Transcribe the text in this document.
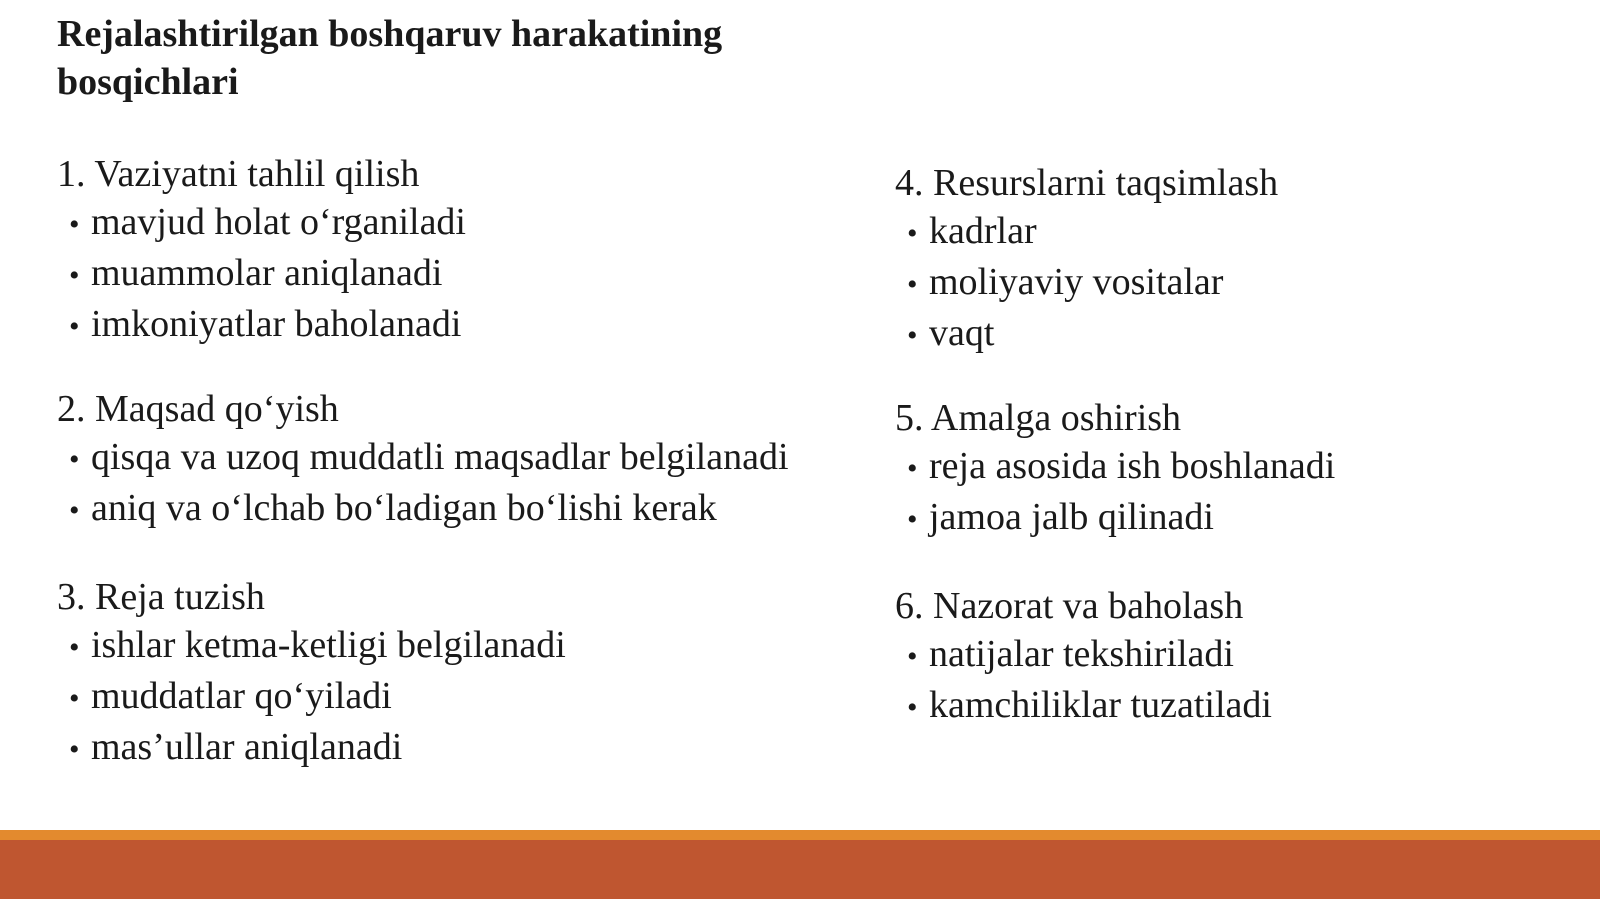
Rejalashtirilgan boshqaruv harakatining bosqichlari

1. Vaziyatni tahlil qilish

• mavjud holat o‘rganiladi
• muammolar aniqlanadi
• imkoniyatlar baholanadi

2. Maqsad qo‘yish

• qisqa va uzoq muddatli maqsadlar belgilanadi
• aniq va o‘lchab bo‘ladigan bo‘lishi kerak

3. Reja tuzish

• ishlar ketma-ketligi belgilanadi
• muddatlar qo‘yiladi
• mas’ullar aniqlanadi

4. Resurslarni taqsimlash

• kadrlar
• moliyaviy vositalar
• vaqt

5. Amalga oshirish

• reja asosida ish boshlanadi
• jamoa jalb qilinadi

6. Nazorat va baholash

• natijalar tekshiriladi
• kamchiliklar tuzatiladi
